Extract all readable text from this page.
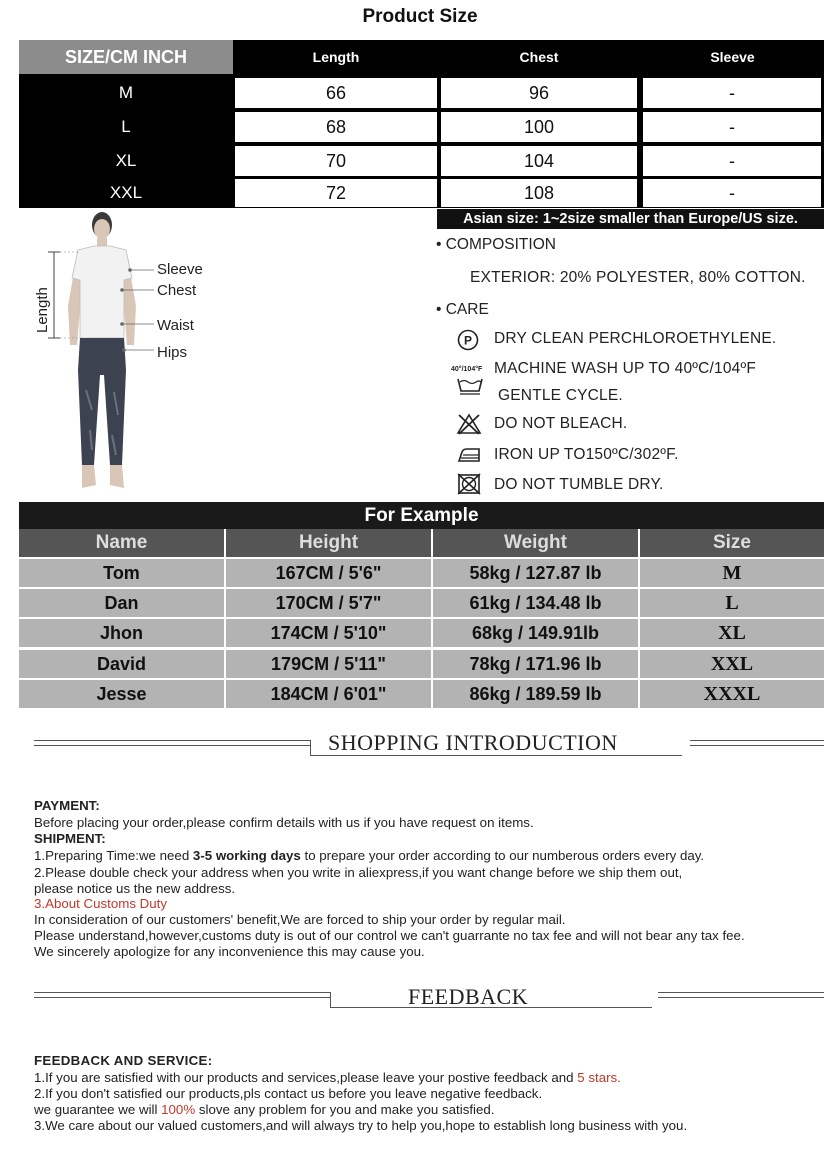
Product Size
SIZE/CM INCH	Length	Chest	Sleeve
M	66	96	-
L	68	100	-
XL	70	104	-
XXL	72	108	-
Asian size: 1~2size smaller than Europe/US size.
Length
Sleeve
Chest
Waist
Hips
• COMPOSITION
EXTERIOR: 20% POLYESTER, 80% COTTON.
• CARE
P DRY CLEAN PERCHLOROETHYLENE.
40°/104°F MACHINE WASH UP TO 40ºC/104ºF
GENTLE CYCLE.
DO NOT BLEACH.
IRON UP TO150ºC/302ºF.
DO NOT TUMBLE DRY.
For Example
Name	Height	Weight	Size
Tom	167CM / 5'6"	58kg / 127.87 lb	M
Dan	170CM / 5'7"	61kg / 134.48 lb	L
Jhon	174CM / 5'10"	68kg / 149.91lb	XL
David	179CM / 5'11"	78kg / 171.96 lb	XXL
Jesse	184CM / 6'01"	86kg / 189.59 lb	XXXL
SHOPPING INTRODUCTION
PAYMENT:
Before placing your order,please confirm details with us if you have request on items.
SHIPMENT:
1.Preparing Time:we need 3-5 working days to prepare your order according to our numberous orders every day.
2.Please double check your address when you write in aliexpress,if you want change before we ship them out,
please notice us the new address.
3.About Customs Duty
In consideration of our customers' benefit,We are forced to ship your order by regular mail.
Please understand,however,customs duty is out of our control we can't guarrante no tax fee and will not bear any tax fee.
We sincerely apologize for any inconvenience this may cause you.
FEEDBACK
FEEDBACK AND SERVICE:
1.If you are satisfied with our products and services,please leave your postive feedback and 5 stars.
2.If you don't satisfied our products,pls contact us before you leave negative feedback.
we guarantee we will 100% slove any problem for you and make you satisfied.
3.We care about our valued customers,and will always try to help you,hope to establish long business with you.
